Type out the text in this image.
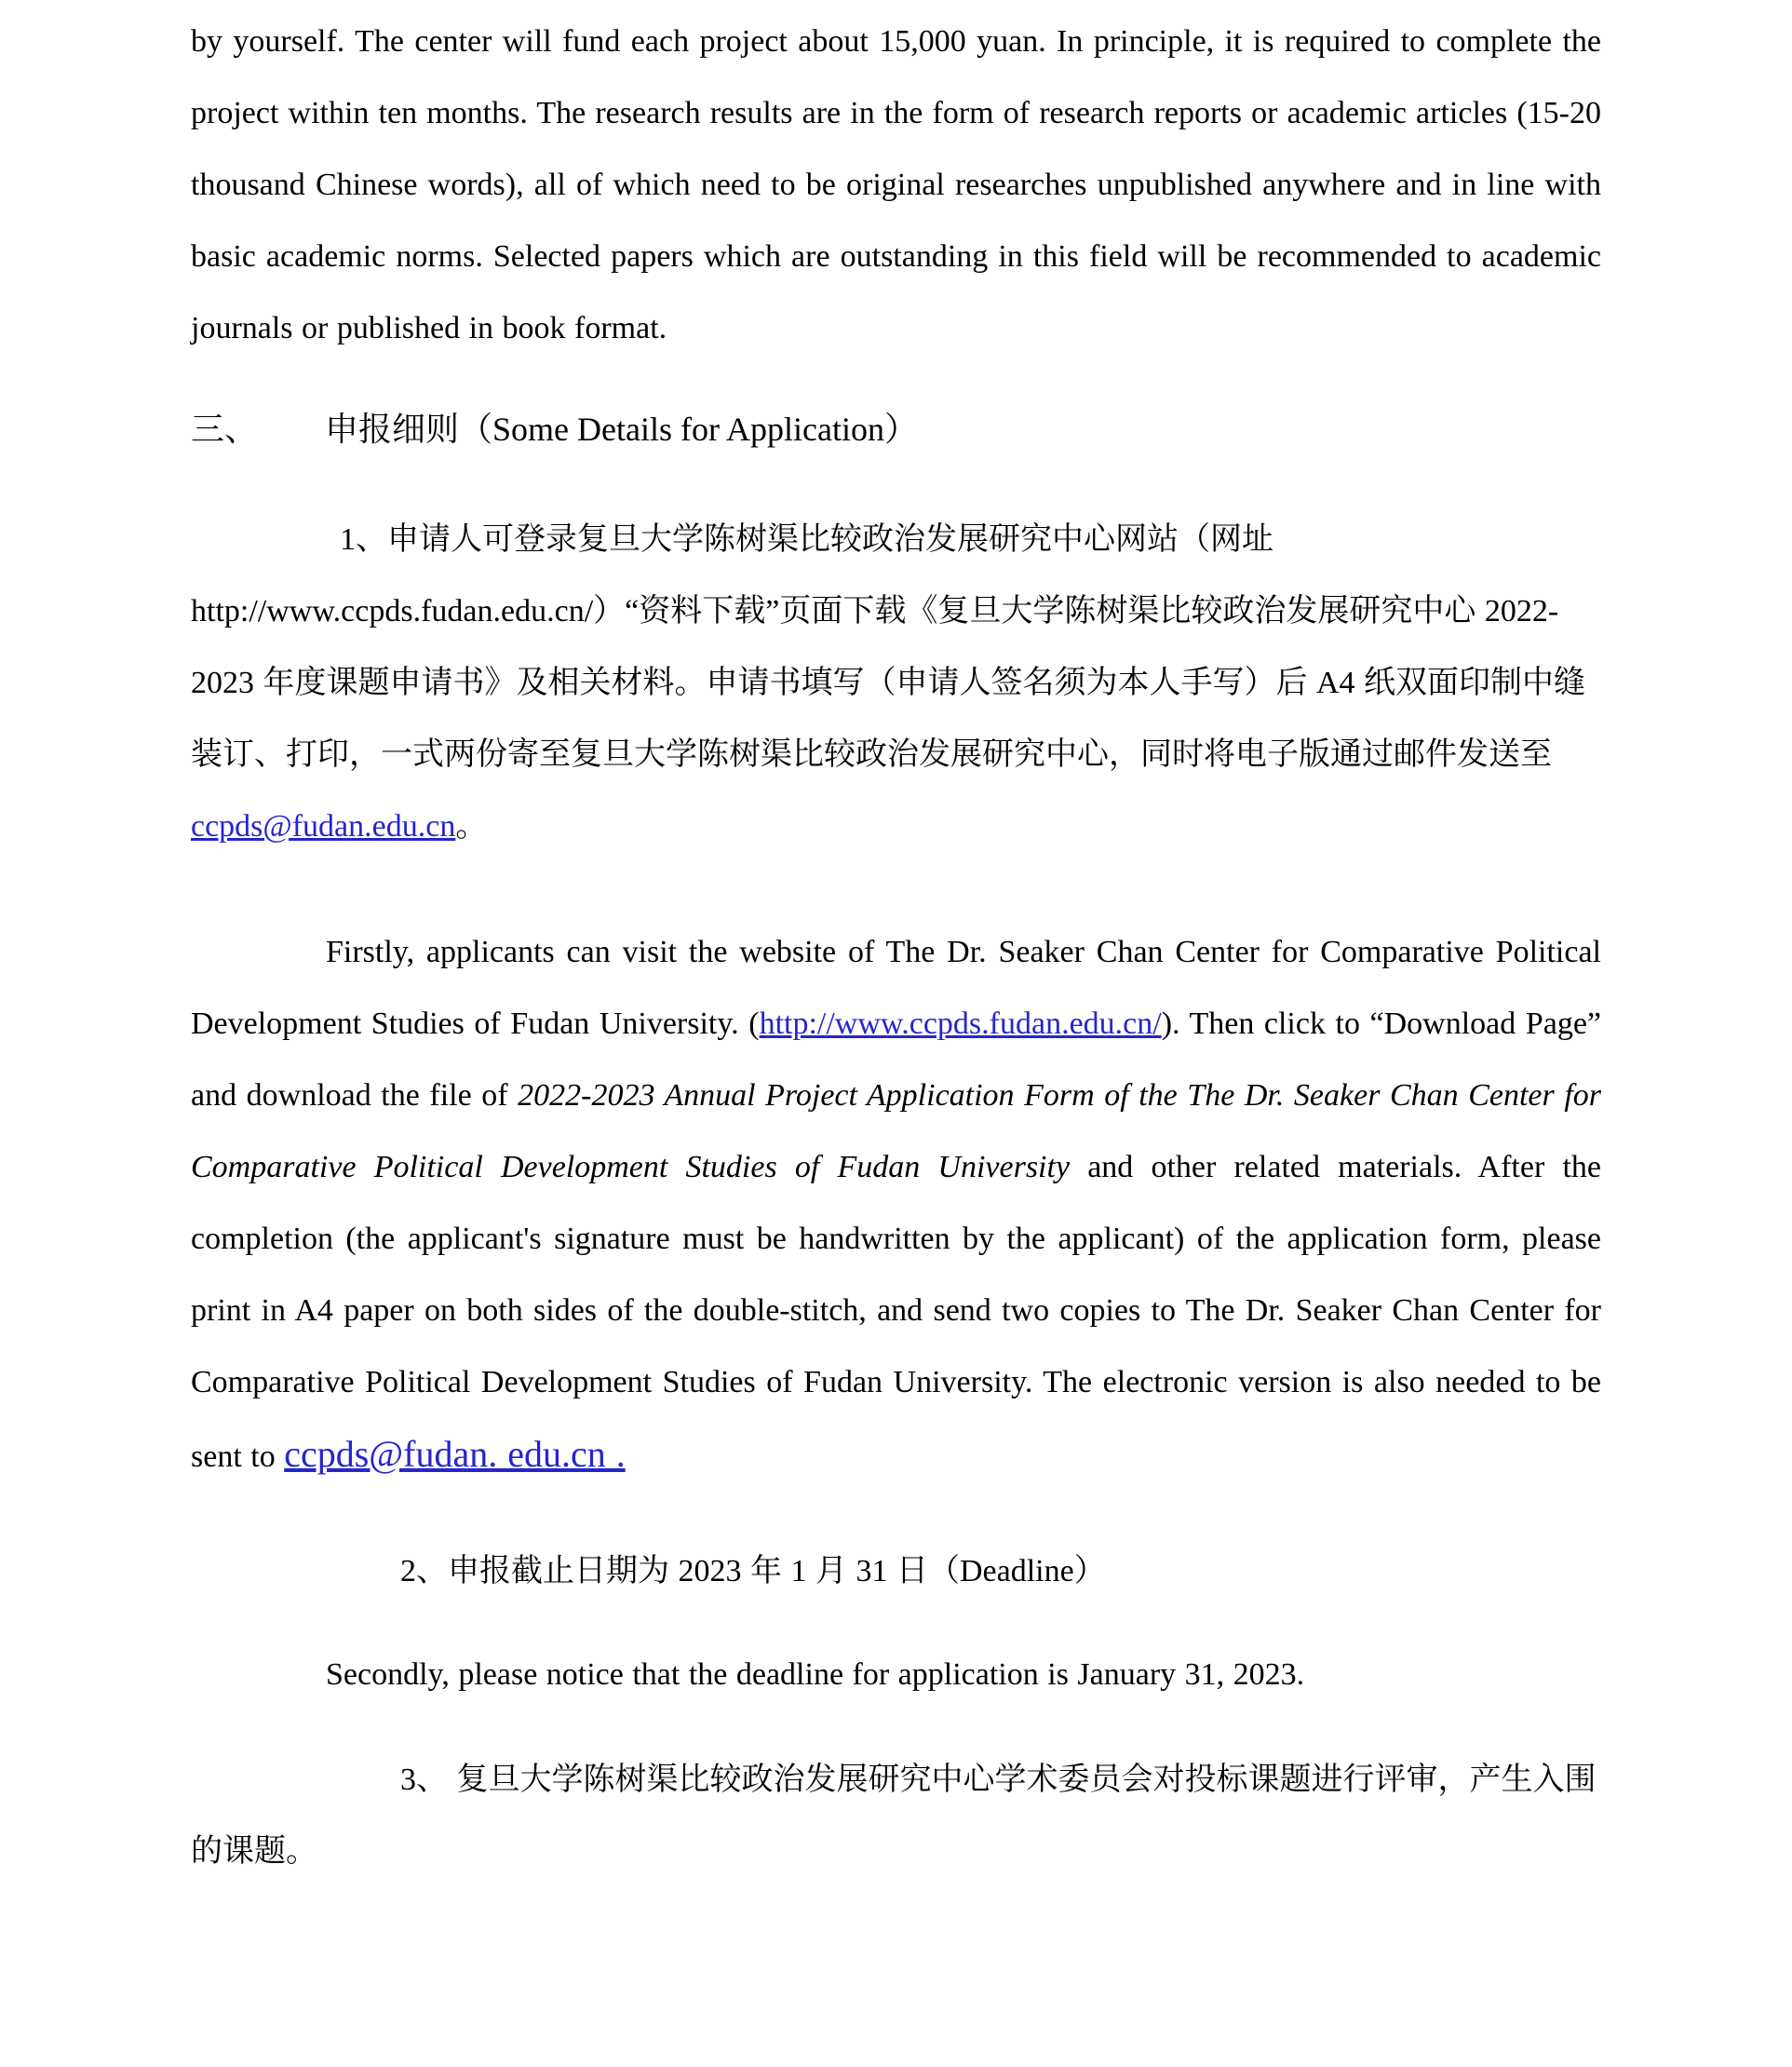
by yourself. The center will fund each project about 15,000 yuan. In principle, it is required to complete the project within ten months. The research results are in the form of research reports or academic articles (15-20 thousand Chinese words), all of which need to be original researches unpublished anywhere and in line with basic academic norms. Selected papers which are outstanding in this field will be recommended to academic journals or published in book format.

三、 申报细则（Some Details for Application）

1、申请人可登录复旦大学陈树渠比较政治发展研究中心网站（网址 http://www.ccpds.fudan.edu.cn/）“资料下载”页面下载《复旦大学陈树渠比较政治发展研究中心 2022-2023 年度课题申请书》及相关材料。申请书填写（申请人签名须为本人手写）后 A4 纸双面印制中缝装订、打印，一式两份寄至复旦大学陈树渠比较政治发展研究中心，同时将电子版通过邮件发送至 ccpds@fudan.edu.cn。

Firstly, applicants can visit the website of The Dr. Seaker Chan Center for Comparative Political Development Studies of Fudan University. (http://www.ccpds.fudan.edu.cn/). Then click to “Download Page” and download the file of 2022-2023 Annual Project Application Form of the The Dr. Seaker Chan Center for Comparative Political Development Studies of Fudan University and other related materials. After the completion (the applicant's signature must be handwritten by the applicant) of the application form, please print in A4 paper on both sides of the double-stitch, and send two copies to The Dr. Seaker Chan Center for Comparative Political Development Studies of Fudan University. The electronic version is also needed to be sent to ccpds@fudan. edu.cn .

2、申报截止日期为 2023 年 1 月 31 日（Deadline）

Secondly, please notice that the deadline for application is January 31, 2023.

3、 复旦大学陈树渠比较政治发展研究中心学术委员会对投标课题进行评审，产生入围的课题。
